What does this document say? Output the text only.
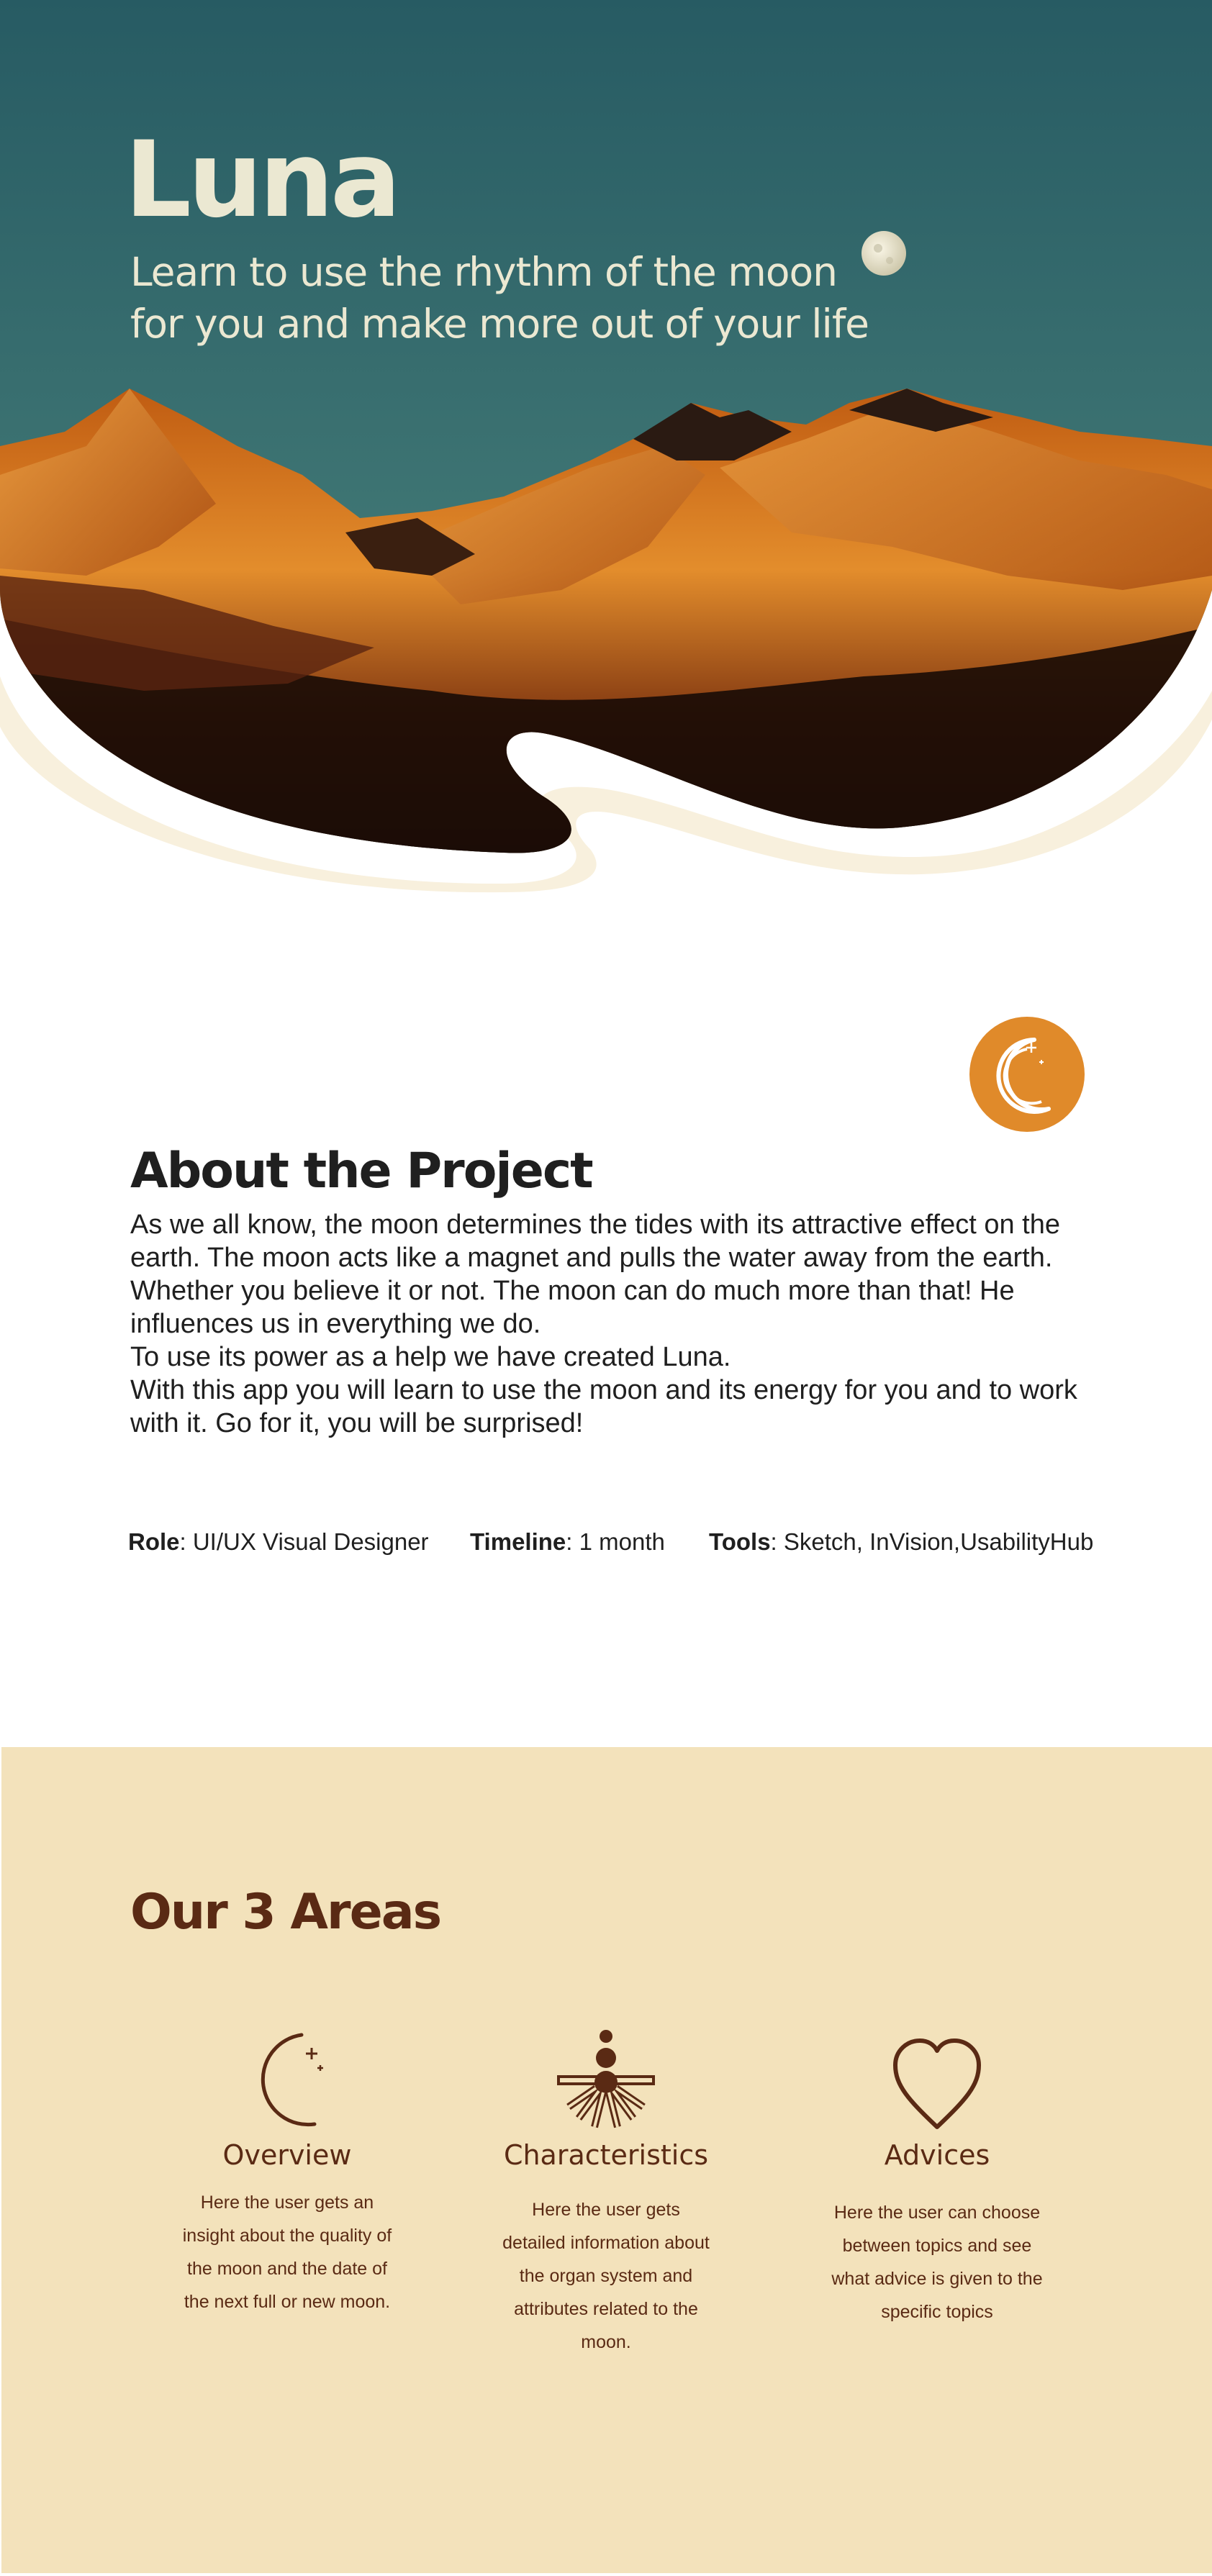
Luna

Learn to use the rhythm of the moon for you and make more out of your life

About the Project

As we all know, the moon determines the tides with its attractive effect on the earth. The moon acts like a magnet and pulls the water away from the earth. Whether you believe it or not. The moon can do much more than that! He influences us in everything we do.

To use its power as a help we have created Luna.

With this app you will learn to use the moon and its energy for you and to work with it. Go for it, you will be surprised!

Role: UI/UX Visual Designer Timeline: 1 month Tools: Sketch, InVision,UsabilityHub

Our 3 Areas

Overview

Here the user gets an insight about the quality of the moon and the date of the next full or new moon.

Characteristics

Here the user gets detailed information about the organ system and attributes related to the moon.

Advices

Here the user can choose between topics and see what advice is given to the specific topics
